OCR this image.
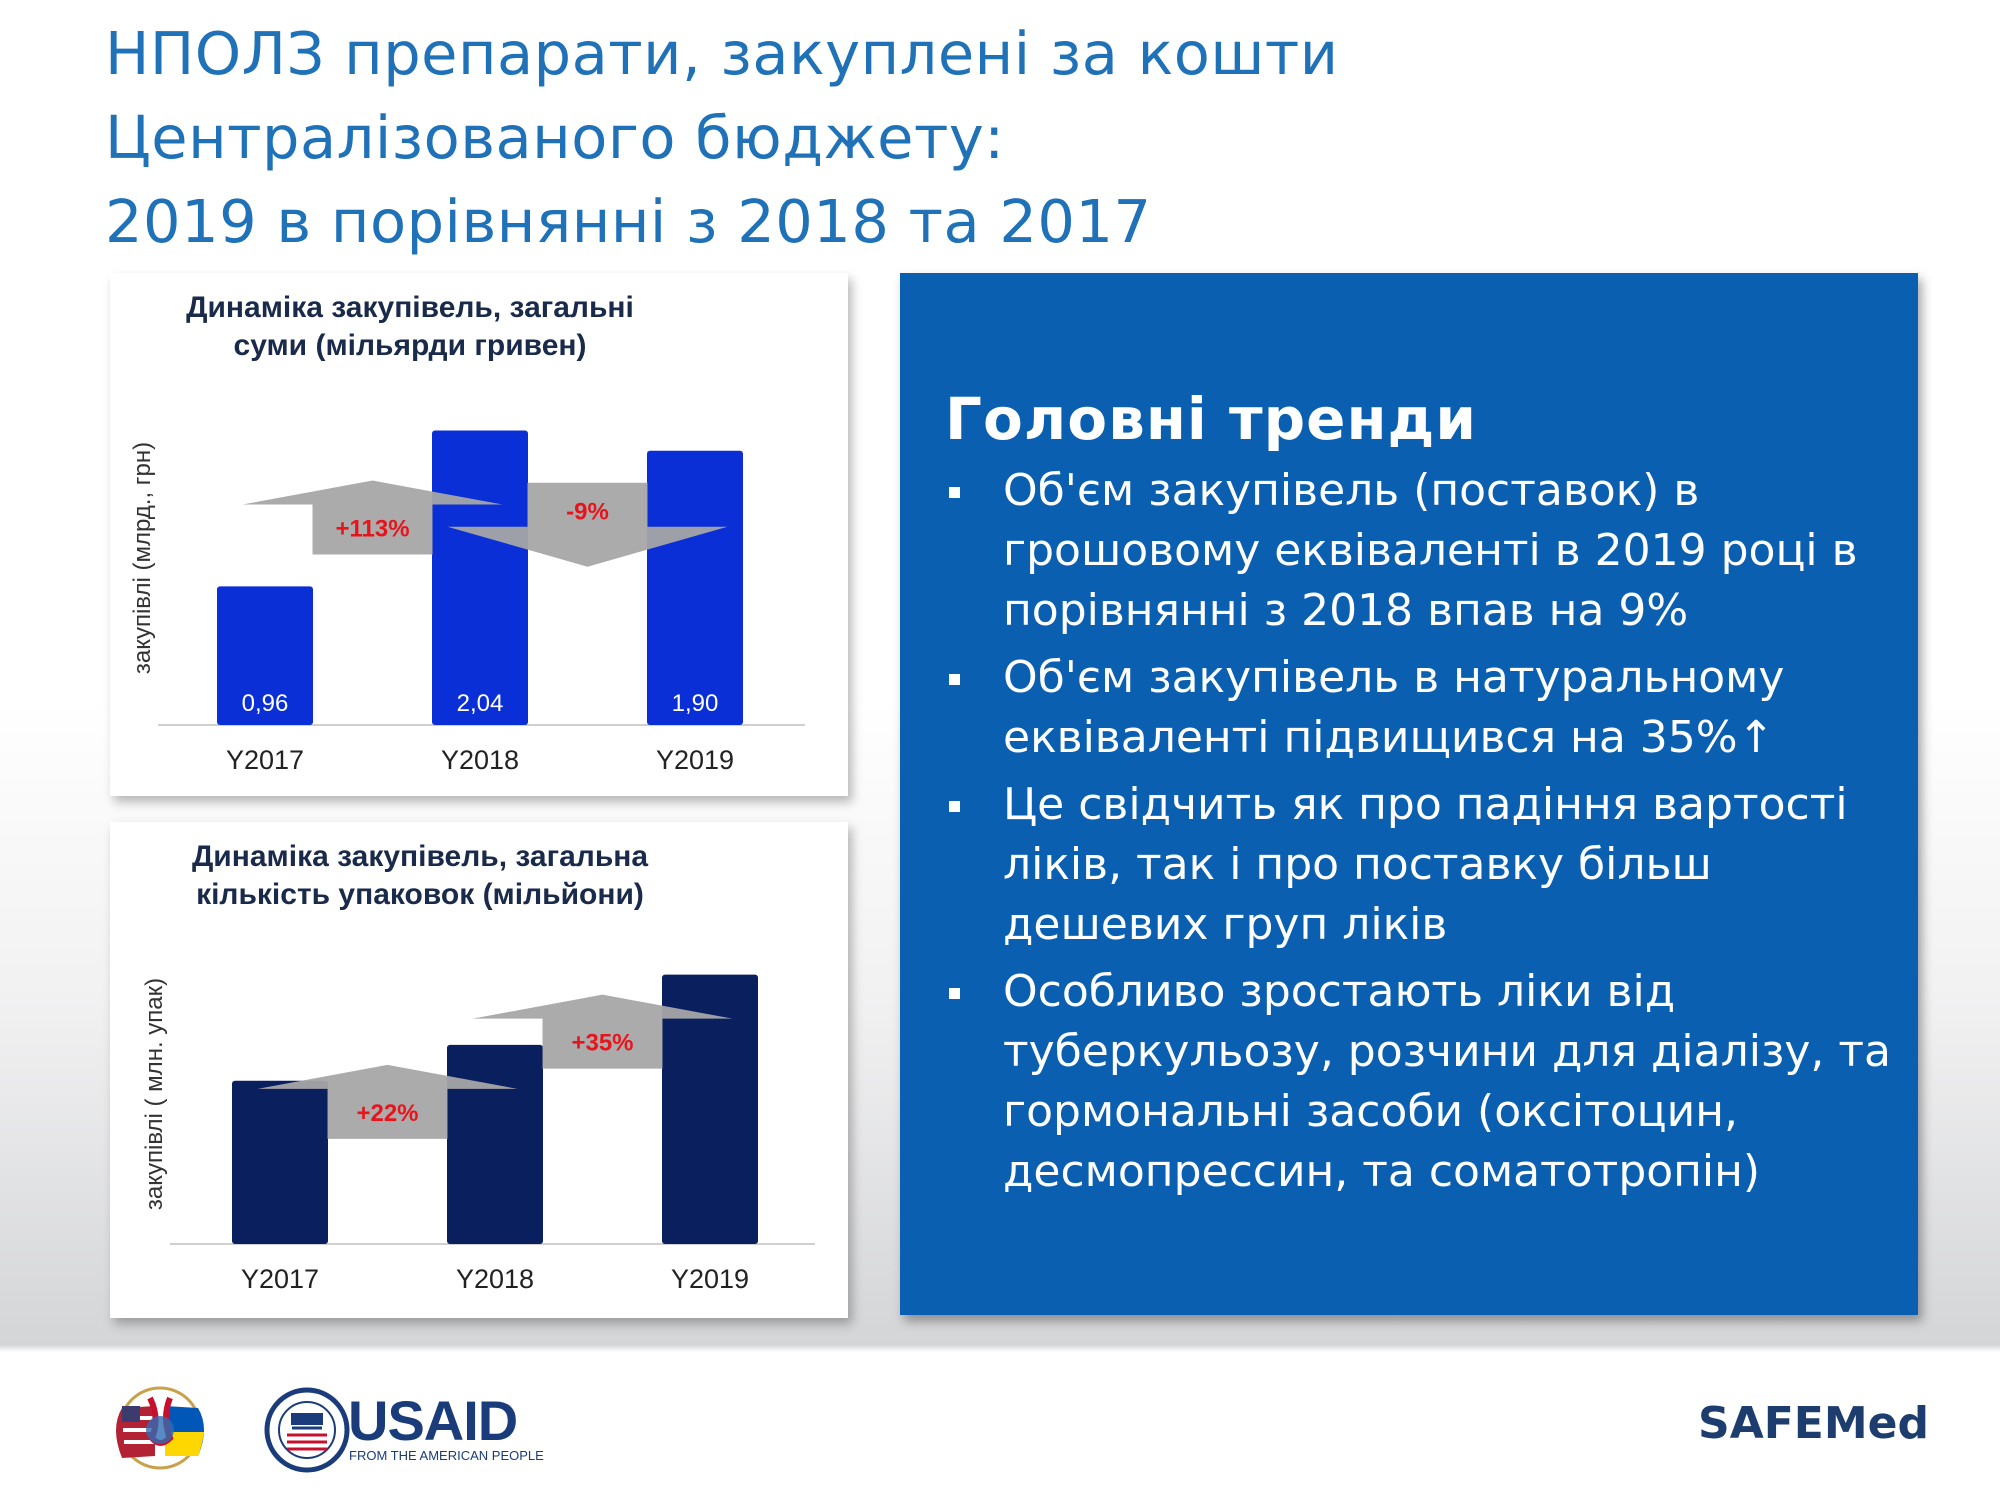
НПОЛЗ препарати, закуплені за кошти
Централізованого бюджету:
2019 в порівнянні з 2018 та 2017
Динаміка закупівель, загальні
суми (мільярди гривен)
закупівлі (млрд., грн)
Y2017
0,96
Y2018
2,04
Y2019
1,90
+113%
-9%
Динаміка закупівель, загальна
кількість упаковок (мільйони)
закупівлі ( млн. упак)
Y2017	Y2018	Y2019
+22%
+35%
Головні тренди
Об'єм закупівель (поставок) в грошовому еквіваленті в 2019 році в порівнянні з 2018 впав на 9%
Об'єм закупівель в натуральному еквіваленті підвищився на 35%↑
Це свідчить як про падіння вартості ліків, так і про поставку більш дешевих груп ліків
Особливо зростають ліки від туберкульозу, розчини для діалізу, та гормональні засоби (оксітоцин, десмопрессин, та соматотропін)
USAID
FROM THE AMERICAN PEOPLE
SAFEMed
